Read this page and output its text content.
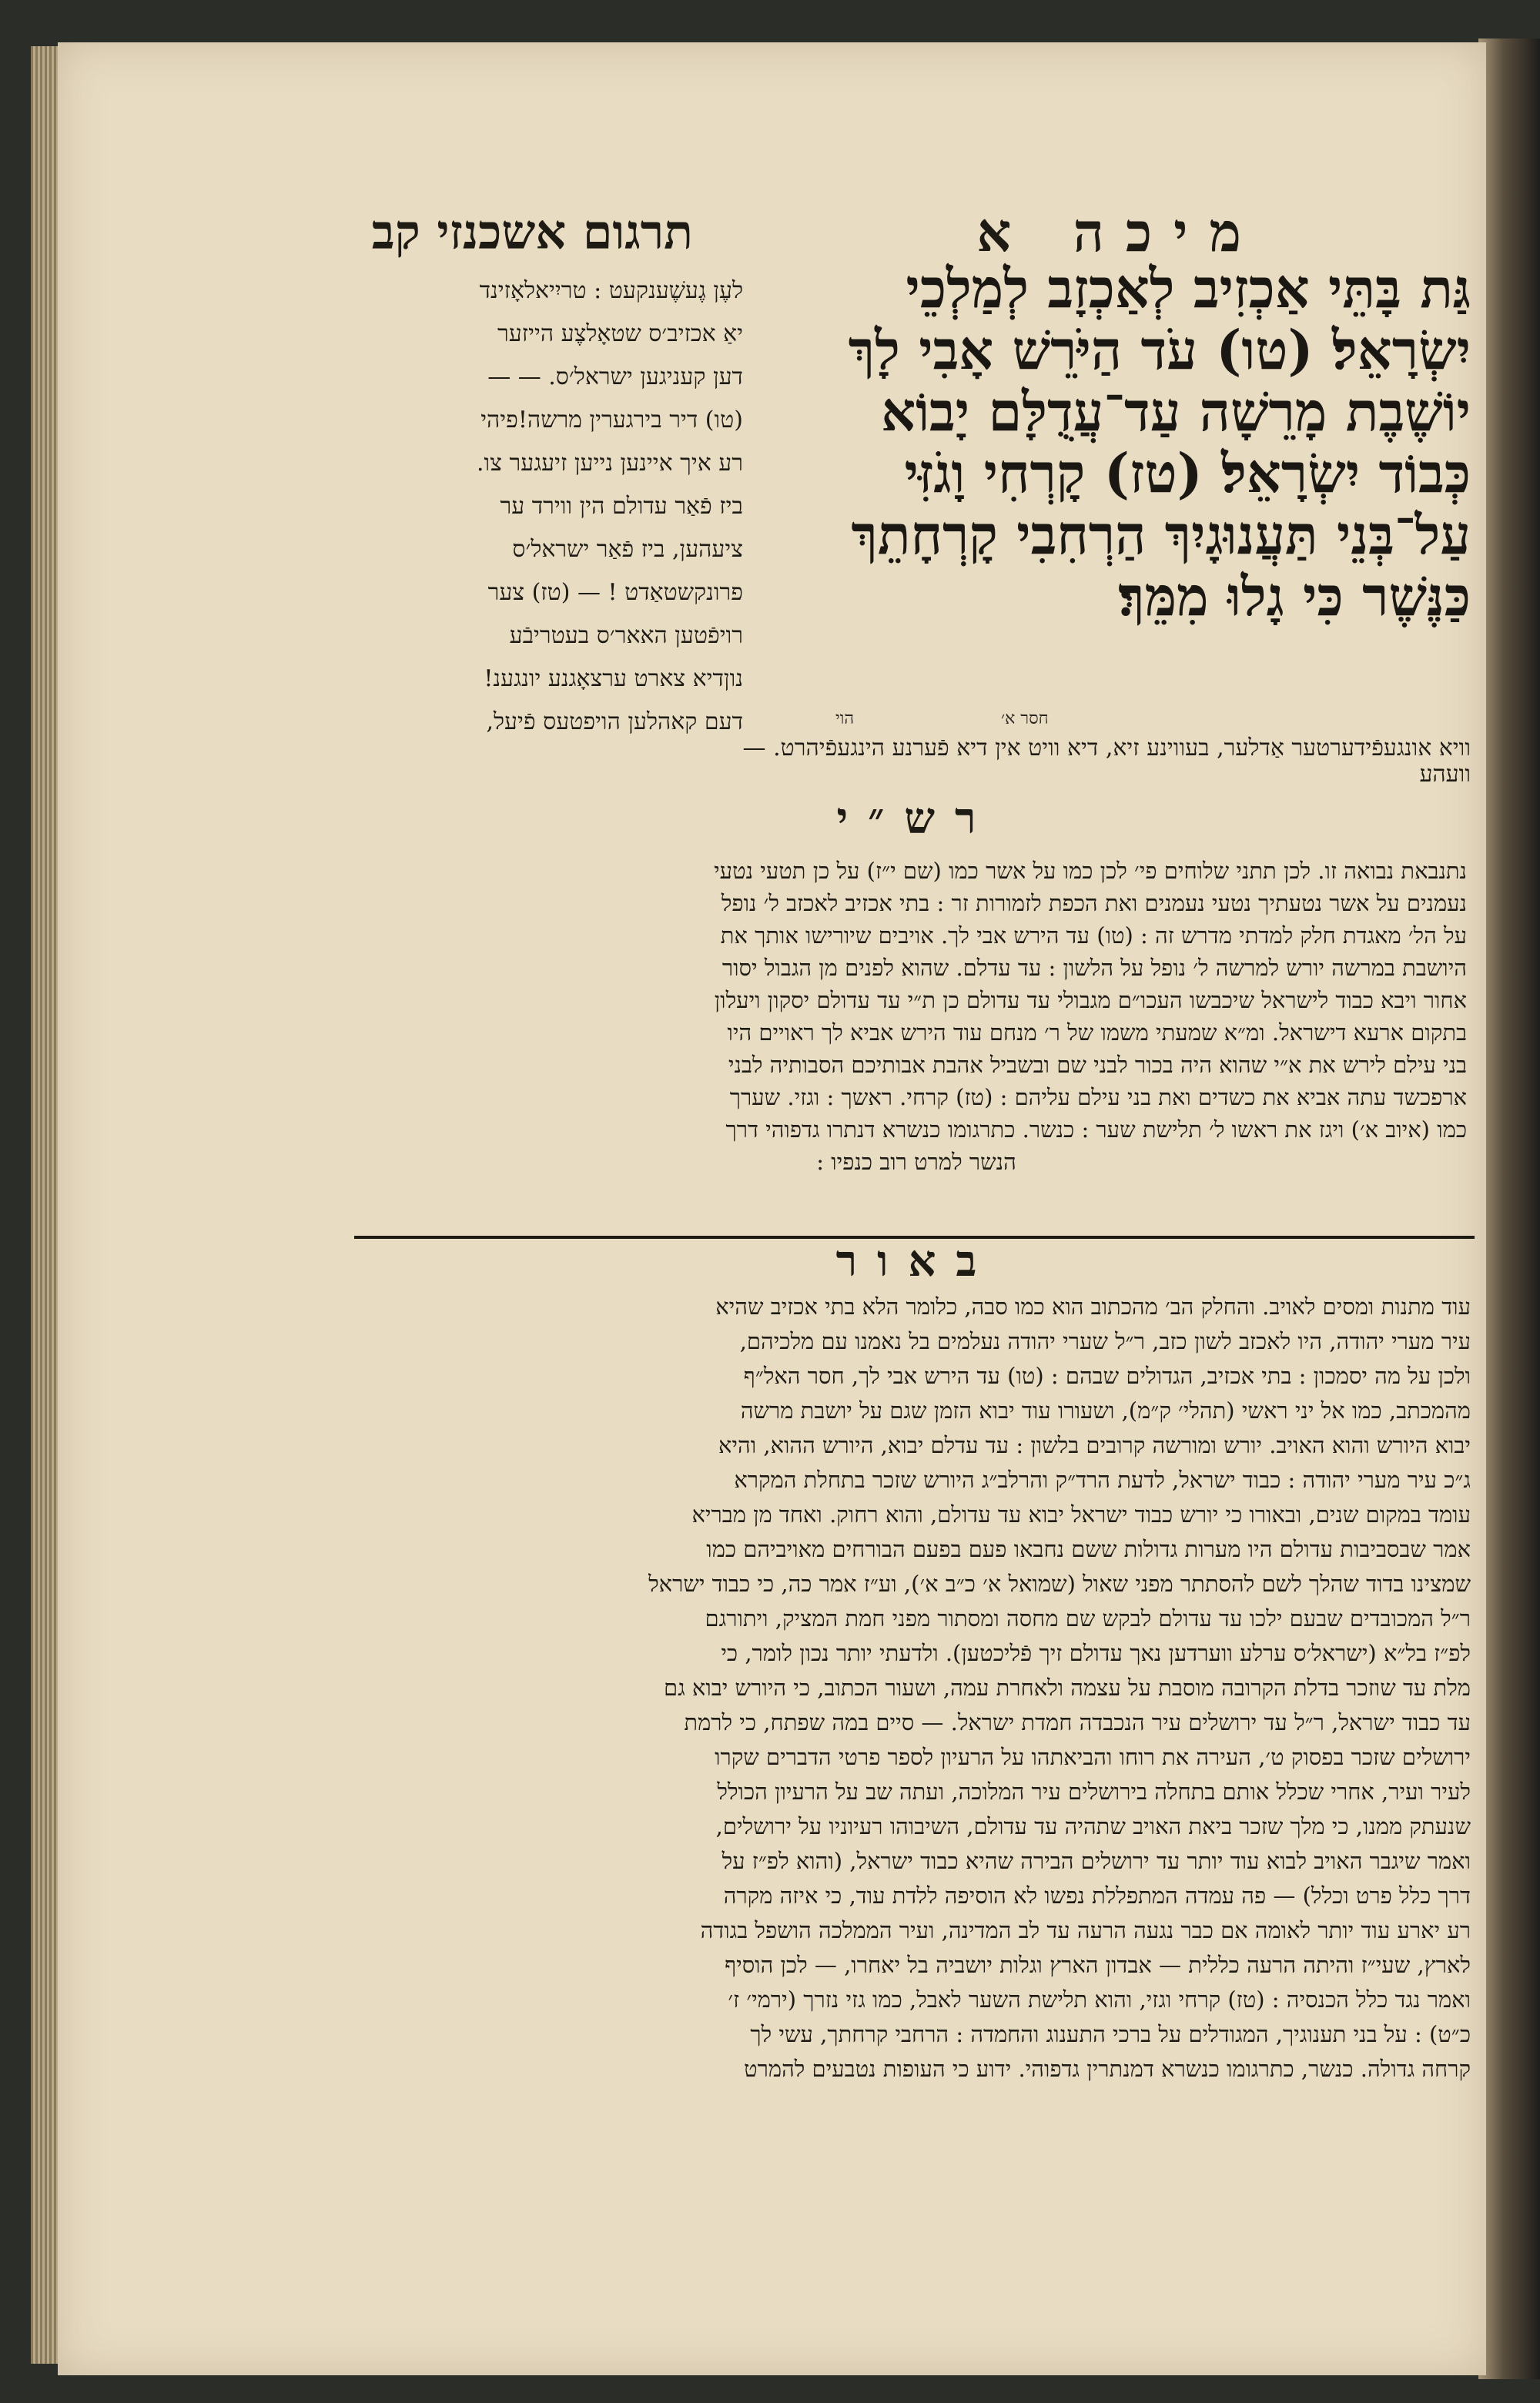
תרגום אשכנזי קב	מיכה א

גַּת בָּתֵּי אַכְזִיב לְאַכְזָב לְמַלְכֵי

יִשְׂרָאֵל׃ (טו) עֹד הַיֹּרֵשׁ אָבִי לָךְ

יוֹשֶׁבֶת מָרֵשָׁה עַד־עֲדֻלָּם יָבוֹא

כְּבוֹד יִשְׂרָאֵל׃ (טז) קָרְחִי וָגֹזִּי

עַל־בְּנֵי תַּעֲנוּגָיִךְ הַרְחִבִי קָרְחָתֵךְ

כַּנֶּשֶׁר כִּי גָלוּ מִמֵּךְ׃

לעֶן גֶעשֶׁענקעט : טריִיאלאָזינד

יאַ אכזיב׳ס שטאָלצֶע הייזער

דען קעניגען ישראל׳ס. — —

(טו) דיר בירגערין מרשה!פיהי

רע איך איינען נייען זיעגער צו.

ביז פֿאַר עדולם הין ווירד ער

ציעהען, ביז פֿאַר ישראל׳ס

פרונקשטאַדט ! — (טז) צער

רויפֿטען האאר׳ס בעטריבֿע

נוןדיא צארט ערצאָגנע יונגענ!

דעם קאהלען הויפטעס פֿיעל,	הוי	חסר א׳

וויא אונגעפֿידערטער אַדלער, בעווינע זיא, דיא וויט אין דיא פֿערנע הינגעפֿיהרט. —

וועהע

רש״י

נתנבאת נבואה זו. לכן תתני שלוחים פי׳ לכן כמו על אשר כמו (שם י״ז) על כן תטעי נטעי

נעמנים על אשר נטעתיך נטעי נעמנים ואת הכפת לזמורות זר : בתי אכזיב לאכזב ל׳ נופל

על הל׳ מאגדת חלק למדתי מדרש זה : (טו) עד הירש אבי לך. אויבים שיורישו אותך את

היושבת במרשה יורש למרשה ל׳ נופל על הלשון : עד עדלם. שהוא לפנים מן הגבול יסור

אחור ויבא כבוד לישראל שיכבשו העכו״ם מגבולי עד עדולם כן ת״י עד עדולם יסקון ויעלון

בתקום ארעא דישראל. ומ״א שמעתי משמו של ר׳ מנחם עוד הירש אביא לך ראויים היו

בני עילם לירש את א״י שהוא היה בכור לבני שם ובשביל אהבת אבותיכם הסבותיה לבני

ארפכשד עתה אביא את כשדים ואת בני עילם עליהם : (טז) קרחי. ראשך : וגזי. שערך

כמו (איוב א׳) ויגז את ראשו ל׳ תלישת שער : כנשר. כתרגומו כנשרא דנתרו גדפוהי דרך

הנשר למרט רוב כנפיו :

באור

עוד מתנות ומסים לאויב. והחלק הב׳ מהכתוב הוא כמו סבה, כלומר הלא בתי אכזיב שהיא

עיר מערי יהודה, היו לאכזב לשון כזב, ר״ל שערי יהודה נעלמים בל נאמנו עם מלכיהם,

ולכן על מה יסמכון : בתי אכזיב, הגדולים שבהם : (טו) עד הירש אבי לך, חסר האל״ף

מהמכתב, כמו אל יני ראשי (תהלי׳ ק״מ), ושעורו עוד יבוא הזמן שגם על יושבת מרשה

יבוא היורש והוא האויב. יורש ומורשה קרובים בלשון : עד עדלם יבוא, היורש ההוא, והיא

ג״כ עיר מערי יהודה : כבוד ישראל, לדעת הרד״ק והרלב״ג היורש שזכר בתחלת המקרא

עומד במקום שנים, ובאורו כי יורש כבוד ישראל יבוא עד עדולם, והוא רחוק. ואחד מן מבריא

אמר שבסביבות עדולם היו מערות גדולות ששם נחבאו פעם בפעם הבורחים מאויביהם כמו

שמצינו בדוד שהלך לשם להסתתר מפני שאול (שמואל א׳ כ״ב א׳), וע״ז אמר כה, כי כבוד ישראל

ר״ל המכובדים שבעם ילכו עד עדולם לבקש שם מחסה ומסתור מפני חמת המציק, ויתורגם

לפ״ז בל״א (ישראל׳ס ערלע ווערדען נאך עדולם זיך פֿליכטען). ולדעתי יותר נכון לומר, כי

מלת עד שוזכר בדלת הקרובה מוסבת על עצמה ולאחרת עמה, ושעור הכתוב, כי היורש יבוא גם

עד כבוד ישראל, ר״ל עד ירושלים עיר הנכבדה חמדת ישראל. — סיים במה שפתח, כי לרמת

ירושלים שזכר בפסוק ט׳, העירה את רוחו והביאתהו על הרעיון לספר פרטי הדברים שקרו

לעיר ועיר, אחרי שכלל אותם בתחלה בירושלים עיר המלוכה, ועתה שב על הרעיון הכולל

שנעתק ממנו, כי מלך שזכר ביאת האויב שתהיה עד עדולם, השיבוהו רעיוניו על ירושלים,

ואמר שיגבר האויב לבוא עוד יותר עד ירושלים הבירה שהיא כבוד ישראל, (והוא לפ״ז על

דרך כלל פרט וכלל) — פה עמדה המתפללת נפשו לא הוסיפה ללדת עוד, כי איזה מקרה

רע יארע עוד יותר לאומה אם כבר נגעה הרעה עד לב המדינה, ועיר הממלכה הושפל בגודה

לארץ, שעי״ז והיתה הרעה כללית — אבדון הארץ וגלות יושביה בל יאחרו, — לכן הוסיף

ואמר נגד כלל הכנסיה : (טז) קרחי וגזי, והוא תלישת השער לאבל, כמו גזי נזרך (ירמי׳ ז׳

כ״ט) : על בני תענוגיך, המגודלים על ברכי התענוג והחמדה : הרחבי קרחתך, עשי לך

קרחה גדולה. כנשר, כתרגומו כנשרא דמנתרין גדפוהי. ידוע כי העופות נטבעים להמרט
